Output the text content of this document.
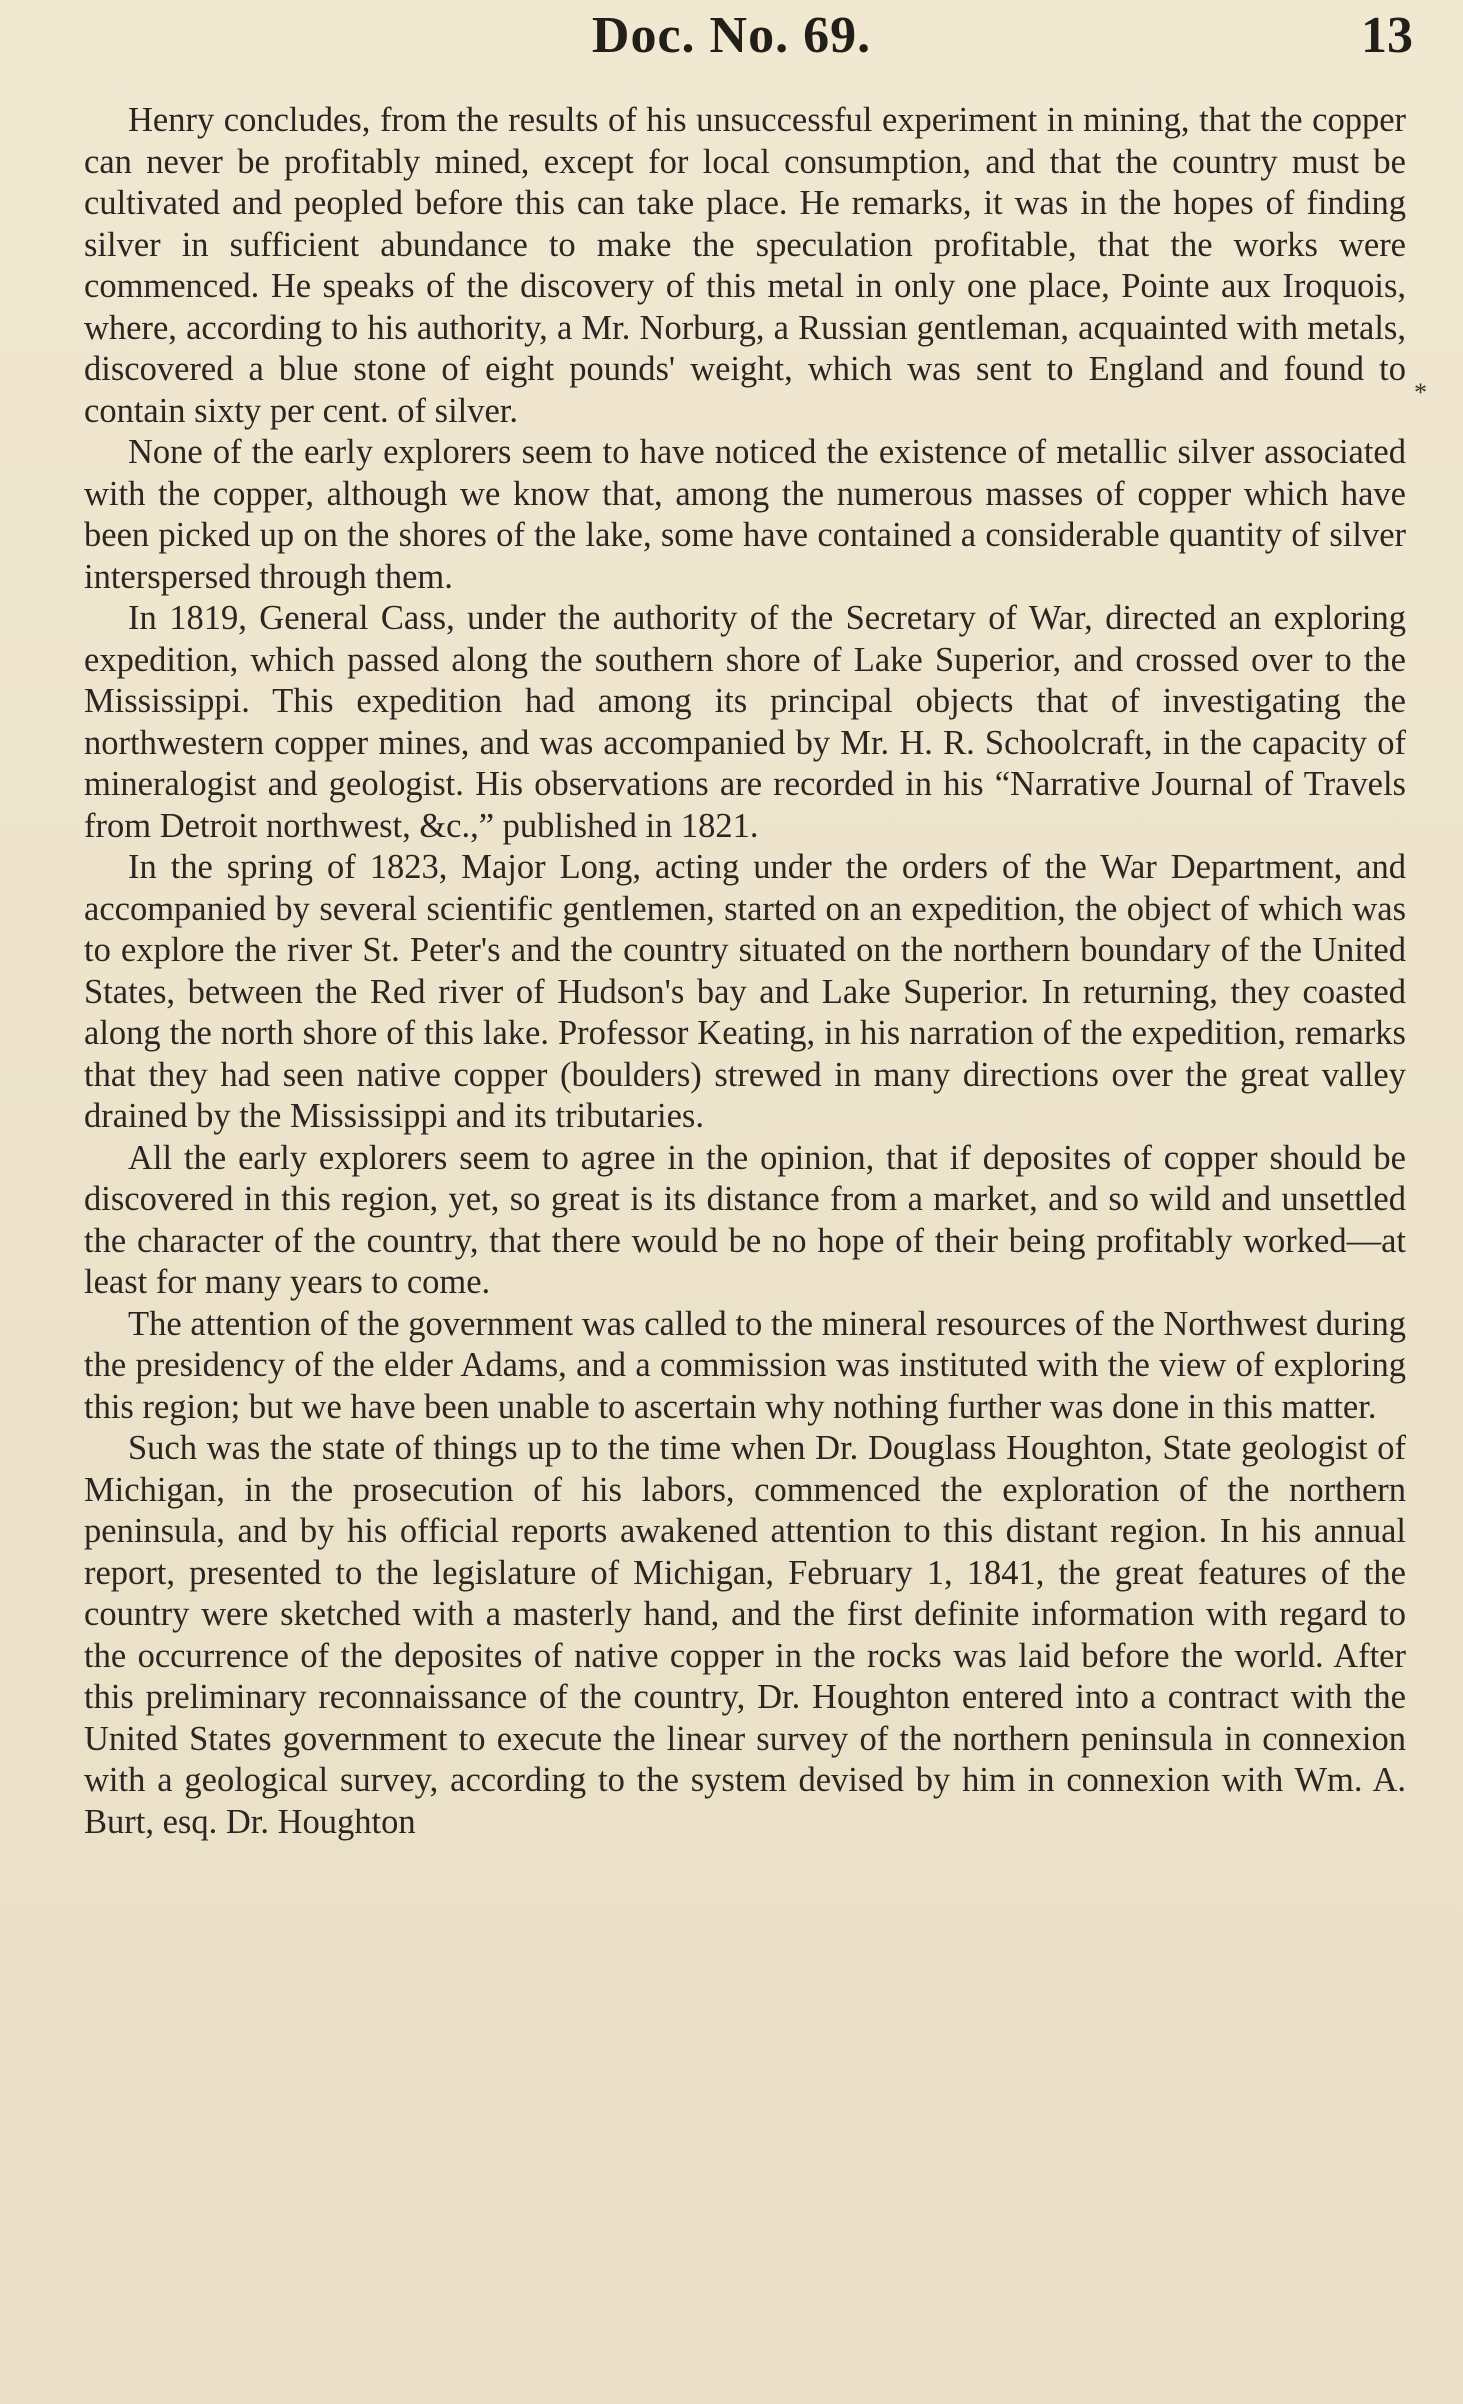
Doc. No. 69.	13
*

Henry concludes, from the results of his unsuccessful experiment in mining, that the copper can never be profitably mined, except for local consumption, and that the country must be cultivated and peopled before this can take place. He remarks, it was in the hopes of finding silver in sufficient abundance to make the speculation profitable, that the works were commenced. He speaks of the discovery of this metal in only one place, Pointe aux Iroquois, where, according to his authority, a Mr. Norburg, a Russian gentleman, acquainted with metals, discovered a blue stone of eight pounds' weight, which was sent to England and found to contain sixty per cent. of silver.

None of the early explorers seem to have noticed the existence of metallic silver associated with the copper, although we know that, among the numerous masses of copper which have been picked up on the shores of the lake, some have contained a considerable quantity of silver interspersed through them.

In 1819, General Cass, under the authority of the Secretary of War, directed an exploring expedition, which passed along the southern shore of Lake Superior, and crossed over to the Mississippi. This expedition had among its principal objects that of investigating the northwestern copper mines, and was accompanied by Mr. H. R. Schoolcraft, in the capacity of mineralogist and geologist. His observations are recorded in his “Narrative Journal of Travels from Detroit northwest, &c.,” published in 1821.

In the spring of 1823, Major Long, acting under the orders of the War Department, and accompanied by several scientific gentlemen, started on an expedition, the object of which was to explore the river St. Peter's and the country situated on the northern boundary of the United States, between the Red river of Hudson's bay and Lake Superior. In returning, they coasted along the north shore of this lake. Professor Keating, in his narration of the expedition, remarks that they had seen native copper (boulders) strewed in many directions over the great valley drained by the Mississippi and its tributaries.

All the early explorers seem to agree in the opinion, that if deposites of copper should be discovered in this region, yet, so great is its distance from a market, and so wild and unsettled the character of the country, that there would be no hope of their being profitably worked—at least for many years to come.

The attention of the government was called to the mineral resources of the Northwest during the presidency of the elder Adams, and a commission was instituted with the view of exploring this region; but we have been unable to ascertain why nothing further was done in this matter.

Such was the state of things up to the time when Dr. Douglass Houghton, State geologist of Michigan, in the prosecution of his labors, commenced the exploration of the northern peninsula, and by his official reports awakened attention to this distant region. In his annual report, presented to the legislature of Michigan, February 1, 1841, the great features of the country were sketched with a masterly hand, and the first definite information with regard to the occurrence of the deposites of native copper in the rocks was laid before the world. After this preliminary reconnaissance of the country, Dr. Houghton entered into a contract with the United States government to execute the linear survey of the northern peninsula in connexion with a geological survey, according to the system devised by him in connexion with Wm. A. Burt, esq. Dr. Houghton
